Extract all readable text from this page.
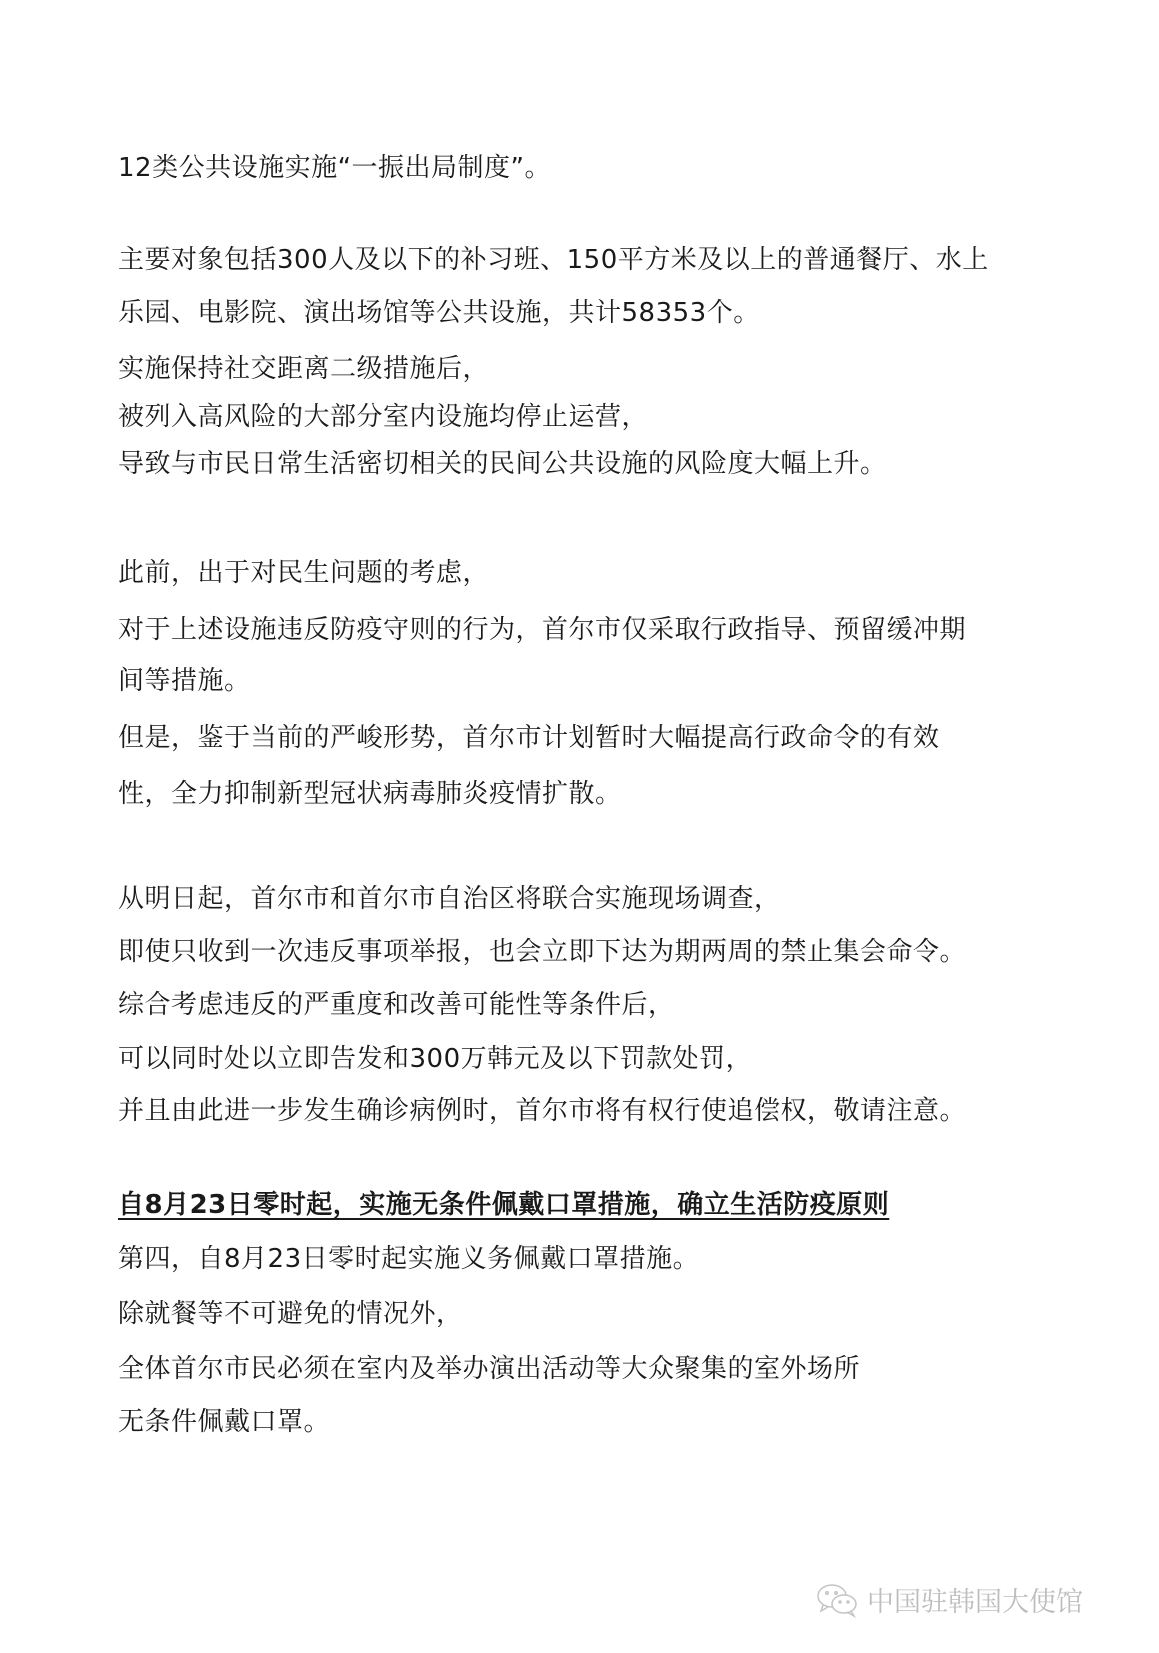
12类公共设施实施“一振出局制度”。
主要对象包括300人及以下的补习班、150平方米及以上的普通餐厅、水上
乐园、电影院、演出场馆等公共设施，共计58353个。
实施保持社交距离二级措施后，
被列入高风险的大部分室内设施均停止运营，
导致与市民日常生活密切相关的民间公共设施的风险度大幅上升。
此前，出于对民生问题的考虑，
对于上述设施违反防疫守则的行为，首尔市仅采取行政指导、预留缓冲期
间等措施。
但是，鉴于当前的严峻形势，首尔市计划暂时大幅提高行政命令的有效
性，全力抑制新型冠状病毒肺炎疫情扩散。
从明日起，首尔市和首尔市自治区将联合实施现场调查，
即使只收到一次违反事项举报，也会立即下达为期两周的禁止集会命令。
综合考虑违反的严重度和改善可能性等条件后，
可以同时处以立即告发和300万韩元及以下罚款处罚，
并且由此进一步发生确诊病例时，首尔市将有权行使追偿权，敬请注意。
自8月23日零时起，实施无条件佩戴口罩措施，确立生活防疫原则
第四，自8月23日零时起实施义务佩戴口罩措施。
除就餐等不可避免的情况外，
全体首尔市民必须在室内及举办演出活动等大众聚集的室外场所
无条件佩戴口罩。
中国驻韩国大使馆
